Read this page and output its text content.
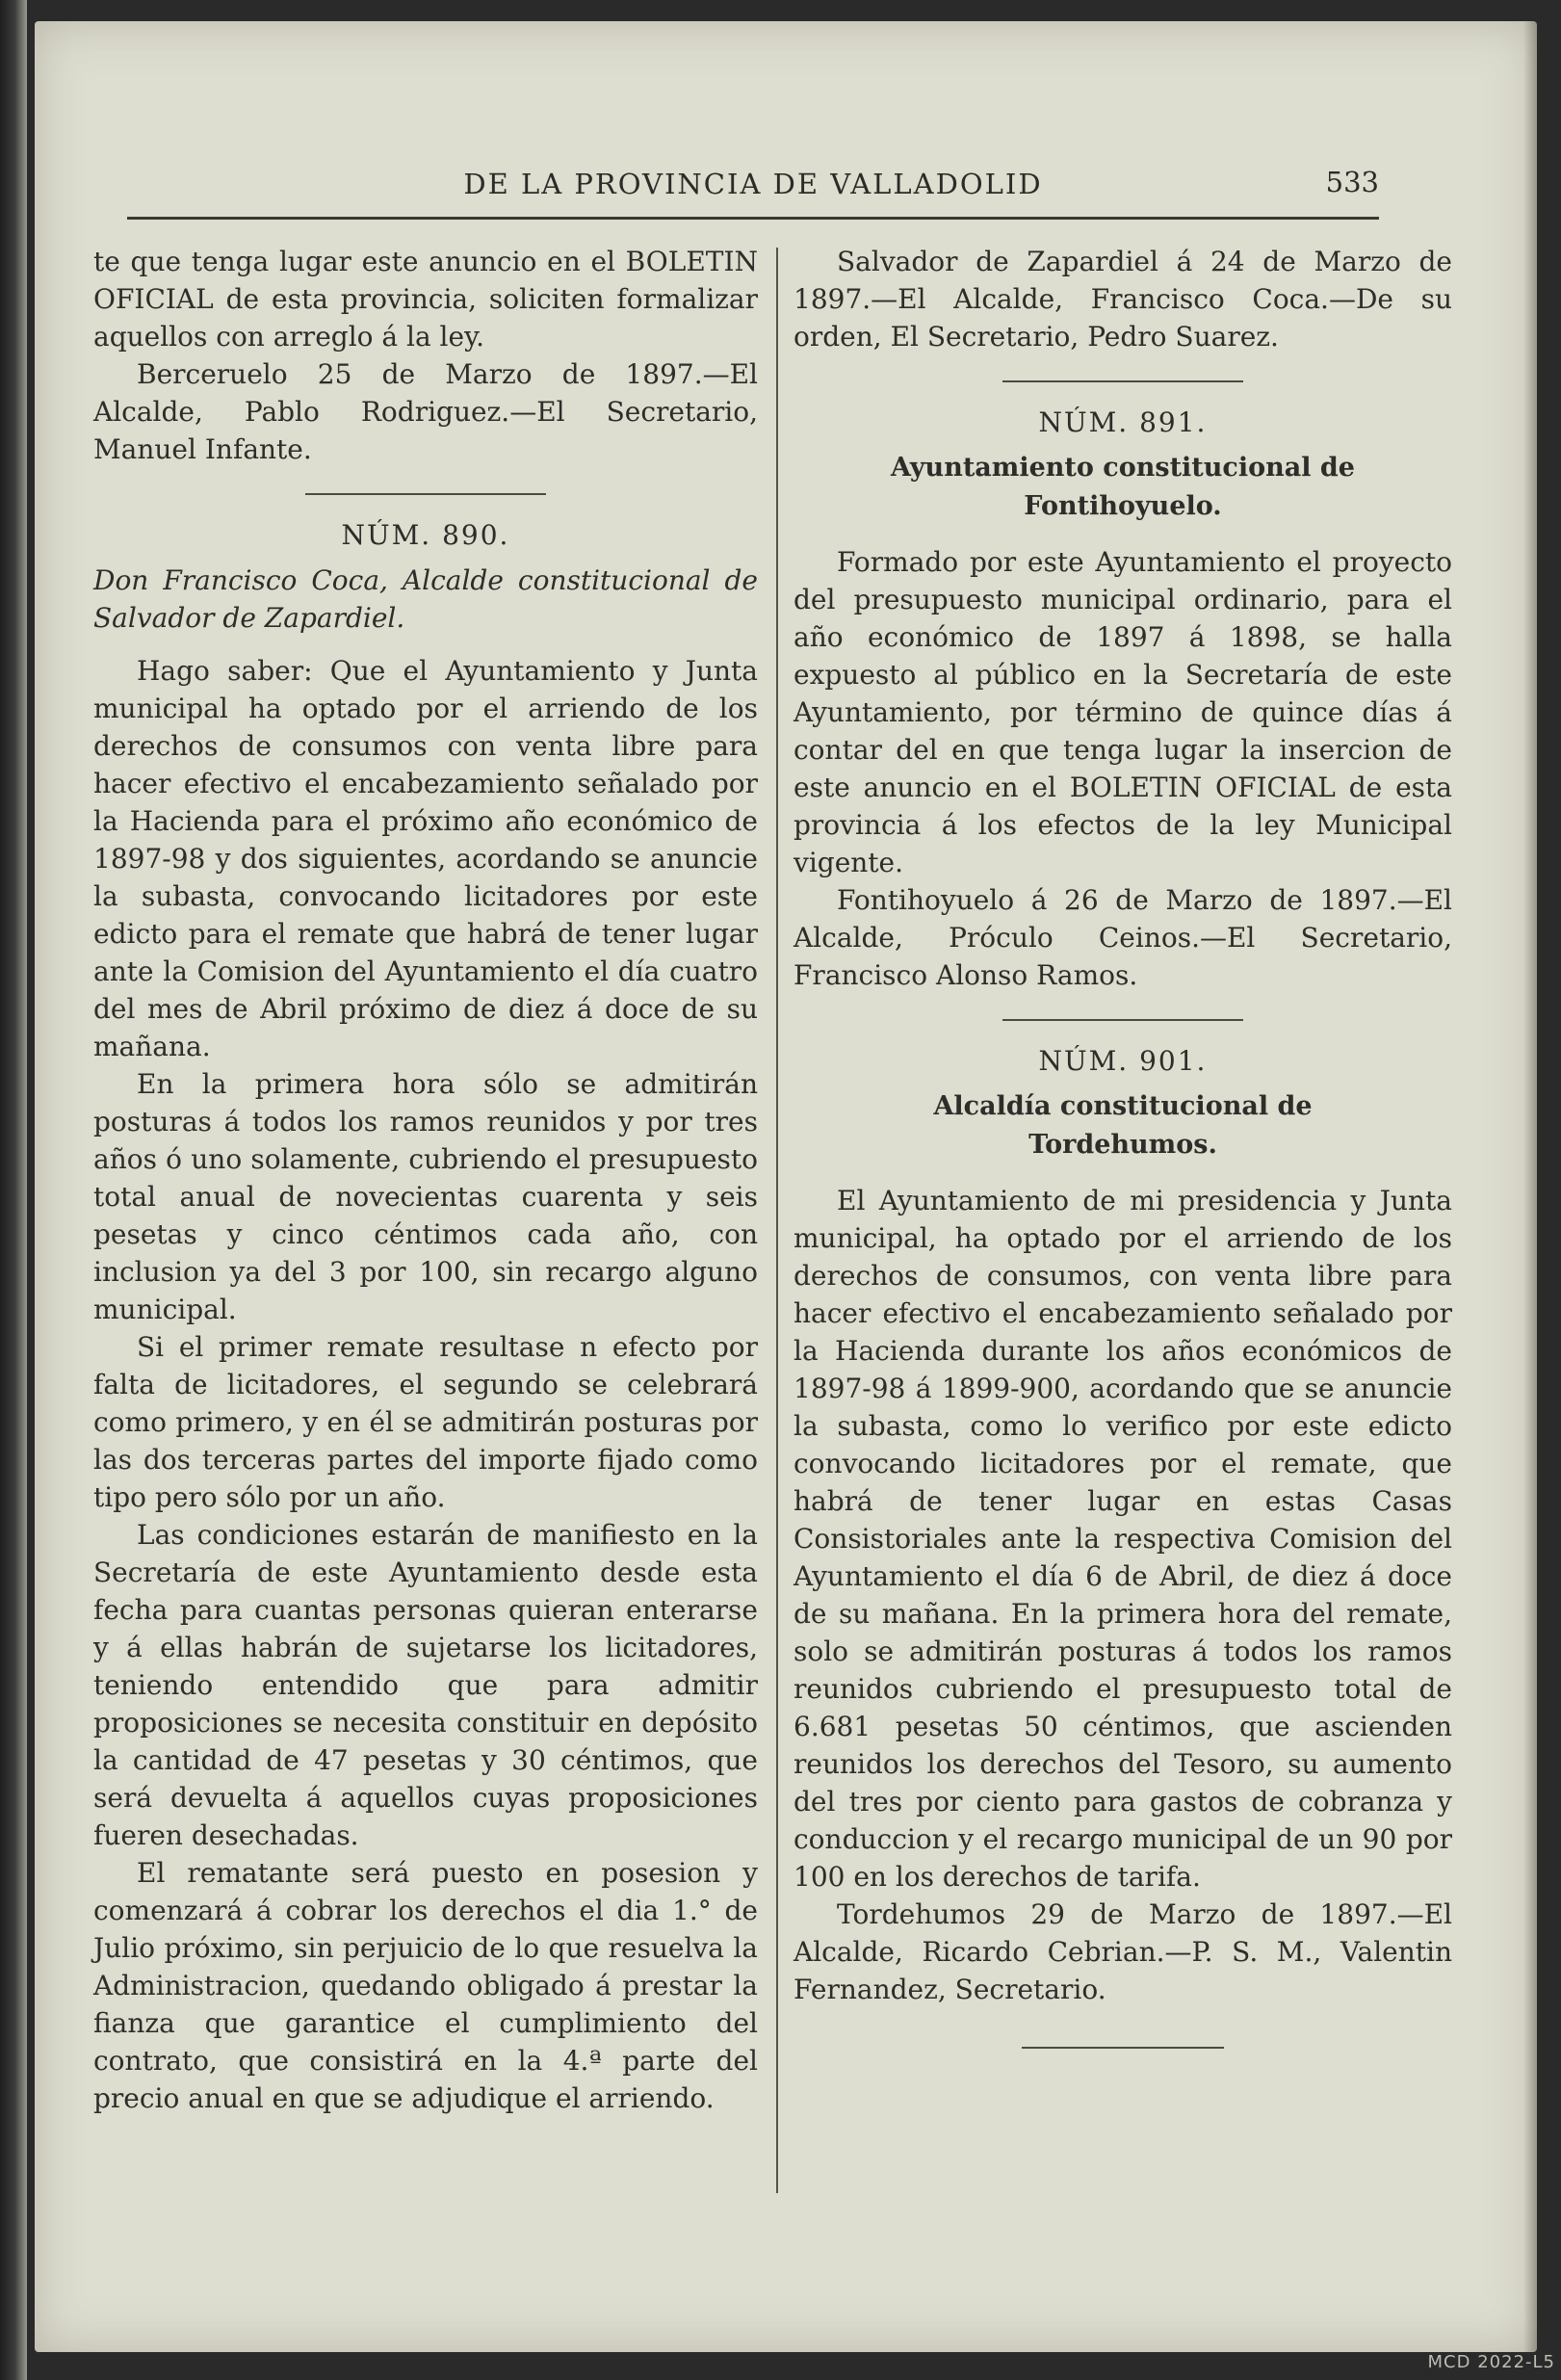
DE LA PROVINCIA DE VALLADOLID	533

te que tenga lugar este anuncio en el BOLETIN OFICIAL de esta provincia, soliciten formalizar aquellos con arreglo á la ley.

Berceruelo 25 de Marzo de 1897.—El Alcalde, Pablo Rodriguez.—El Secretario, Manuel Infante.

NÚM. 890.

Don Francisco Coca, Alcalde constitucional de Salvador de Zapardiel.

Hago saber: Que el Ayuntamiento y Junta municipal ha optado por el arriendo de los derechos de consumos con venta libre para hacer efectivo el encabezamiento señalado por la Hacienda para el próximo año económico de 1897-98 y dos siguientes, acordando se anuncie la subasta, convocando licitadores por este edicto para el remate que habrá de tener lugar ante la Comision del Ayuntamiento el día cuatro del mes de Abril próximo de diez á doce de su mañana.

En la primera hora sólo se admitirán posturas á todos los ramos reunidos y por tres años ó uno solamente, cubriendo el presupuesto total anual de novecientas cuarenta y seis pesetas y cinco céntimos cada año, con inclusion ya del 3 por 100, sin recargo alguno municipal.

Si el primer remate resultase n efecto por falta de licitadores, el segundo se celebrará como primero, y en él se admitirán posturas por las dos terceras partes del importe fijado como tipo pero sólo por un año.

Las condiciones estarán de manifiesto en la Secretaría de este Ayuntamiento desde esta fecha para cuantas personas quieran enterarse y á ellas habrán de sujetarse los licitadores, teniendo entendido que para admitir proposiciones se necesita constituir en depósito la cantidad de 47 pesetas y 30 céntimos, que será devuelta á aquellos cuyas proposiciones fueren desechadas.

El rematante será puesto en posesion y comenzará á cobrar los derechos el dia 1.° de Julio próximo, sin perjuicio de lo que resuelva la Administracion, quedando obligado á prestar la fianza que garantice el cumplimiento del contrato, que consistirá en la 4.ª parte del precio anual en que se adjudique el arriendo.

Salvador de Zapardiel á 24 de Marzo de 1897.—El Alcalde, Francisco Coca.—De su orden, El Secretario, Pedro Suarez.

NÚM. 891.
Ayuntamiento constitucional de
Fontihoyuelo.

Formado por este Ayuntamiento el proyecto del presupuesto municipal ordinario, para el año económico de 1897 á 1898, se halla expuesto al público en la Secretaría de este Ayuntamiento, por término de quince días á contar del en que tenga lugar la insercion de este anuncio en el BOLETIN OFICIAL de esta provincia á los efectos de la ley Municipal vigente.

Fontihoyuelo á 26 de Marzo de 1897.—El Alcalde, Próculo Ceinos.—El Secretario, Francisco Alonso Ramos.

NÚM. 901.
Alcaldía constitucional de
Tordehumos.

El Ayuntamiento de mi presidencia y Junta municipal, ha optado por el arriendo de los derechos de consumos, con venta libre para hacer efectivo el encabezamiento señalado por la Hacienda durante los años económicos de 1897-98 á 1899-900, acordando que se anuncie la subasta, como lo verifico por este edicto convocando licitadores por el remate, que habrá de tener lugar en estas Casas Consistoriales ante la respectiva Comision del Ayuntamiento el día 6 de Abril, de diez á doce de su mañana. En la primera hora del remate, solo se admitirán posturas á todos los ramos reunidos cubriendo el presupuesto total de 6.681 pesetas 50 céntimos, que ascienden reunidos los derechos del Tesoro, su aumento del tres por ciento para gastos de cobranza y conduccion y el recargo municipal de un 90 por 100 en los derechos de tarifa.

Tordehumos 29 de Marzo de 1897.—El Alcalde, Ricardo Cebrian.—P. S. M., Valentin Fernandez, Secretario.

MCD 2022-L5
